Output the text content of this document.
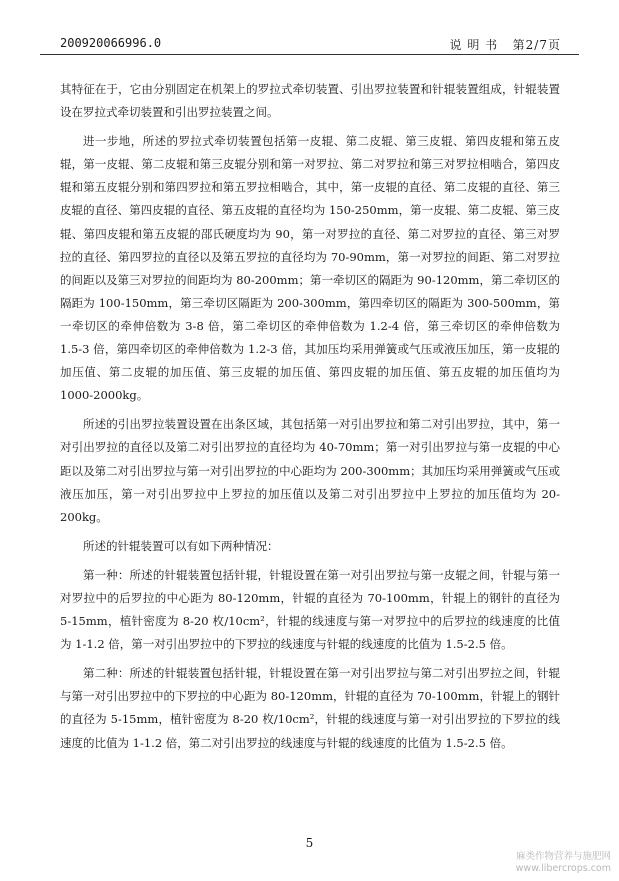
200920066996.0	说 明 书 第2/7页

其特征在于，它由分别固定在机架上的罗拉式牵切装置、引出罗拉装置和针辊装置组成，针辊装置设在罗拉式牵切装置和引出罗拉装置之间。

进一步地，所述的罗拉式牵切装置包括第一皮辊、第二皮辊、第三皮辊、第四皮辊和第五皮辊，第一皮辊、第二皮辊和第三皮辊分别和第一对罗拉、第二对罗拉和第三对罗拉相啮合，第四皮辊和第五皮辊分别和第四罗拉和第五罗拉相啮合，其中，第一皮辊的直径、第二皮辊的直径、第三皮辊的直径、第四皮辊的直径、第五皮辊的直径均为 150-250mm，第一皮辊、第二皮辊、第三皮辊、第四皮辊和第五皮辊的邵氏硬度均为 90，第一对罗拉的直径、第二对罗拉的直径、第三对罗拉的直径、第四罗拉的直径以及第五罗拉的直径均为 70-90mm，第一对罗拉的间距、第二对罗拉的间距以及第三对罗拉的间距均为 80-200mm；第一牵切区的隔距为 90-120mm，第二牵切区的隔距为 100-150mm，第三牵切区隔距为 200-300mm，第四牵切区的隔距为 300-500mm，第一牵切区的牵伸倍数为 3-8 倍，第二牵切区的牵伸倍数为 1.2-4 倍，第三牵切区的牵伸倍数为 1.5-3 倍，第四牵切区的牵伸倍数为 1.2-3 倍，其加压均采用弹簧或气压或液压加压，第一皮辊的加压值、第二皮辊的加压值、第三皮辊的加压值、第四皮辊的加压值、第五皮辊的加压值均为 1000-2000kg。

所述的引出罗拉装置设置在出条区域，其包括第一对引出罗拉和第二对引出罗拉，其中，第一对引出罗拉的直径以及第二对引出罗拉的直径均为 40-70mm；第一对引出罗拉与第一皮辊的中心距以及第二对引出罗拉与第一对引出罗拉的中心距均为 200-300mm；其加压均采用弹簧或气压或液压加压，第一对引出罗拉中上罗拉的加压值以及第二对引出罗拉中上罗拉的加压值均为 20-200kg。

所述的针辊装置可以有如下两种情况：

第一种：所述的针辊装置包括针辊，针辊设置在第一对引出罗拉与第一皮辊之间，针辊与第一对罗拉中的后罗拉的中心距为 80-120mm，针辊的直径为 70-100mm，针辊上的钢针的直径为 5-15mm，植针密度为 8-20 枚/10cm²，针辊的线速度与第一对罗拉中的后罗拉的线速度的比值为 1-1.2 倍，第一对引出罗拉中的下罗拉的线速度与针辊的线速度的比值为 1.5-2.5 倍。

第二种：所述的针辊装置包括针辊，针辊设置在第一对引出罗拉与第二对引出罗拉之间，针辊与第一对引出罗拉中的下罗拉的中心距为 80-120mm，针辊的直径为 70-100mm，针辊上的钢针的直径为 5-15mm，植针密度为 8-20 枚/10cm²，针辊的线速度与第一对引出罗拉的下罗拉的线速度的比值为 1-1.2 倍，第二对引出罗拉的线速度与针辊的线速度的比值为 1.5-2.5 倍。

5
麻类作物营养与施肥网
www.libercrops.com
